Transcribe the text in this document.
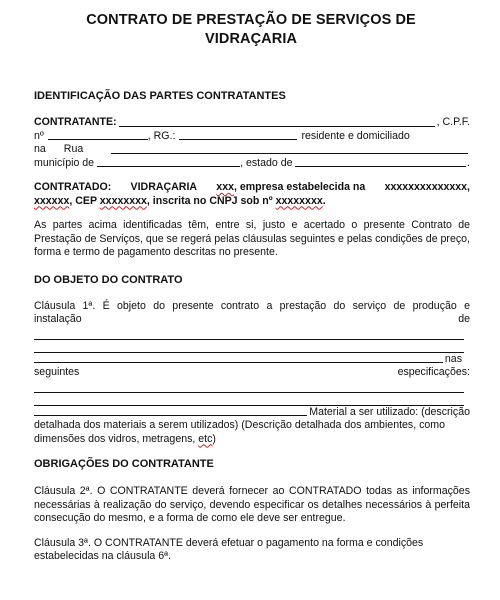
CONTRATO DE PRESTAÇÃO DE SERVIÇOS DE
VIDRAÇARIA
IDENTIFICAÇÃO DAS PARTES CONTRATANTES
CONTRATANTE:	, C.P.F.
nº	, RG.:	residente e domiciliado
na Rua
município de	, estado de	.
CONTRATADO: VIDRAÇARIA xxx, empresa estabelecida na xxxxxxxxxxxxxx,
xxxxxx, CEP xxxxxxxx, inscrita no CNPJ sob nº xxxxxxxx.
As partes acima identificadas têm, entre si, justo e acertado o presente Contrato de Prestação de Serviços, que se regerá pelas cláusulas seguintes e pelas condições de preço, forma e termo de pagamento descritas no presente.
DO OBJETO DO CONTRATO
Cláusula 1ª. É objeto do presente contrato a prestação do serviço de produção e
instalação	de
nas
seguintes	especificações:
Material a ser utilizado: (descrição
detalhada dos materiais a serem utilizados) (Descrição detalhada dos ambientes, como dimensões dos vidros, metragens, etc)
OBRIGAÇÕES DO CONTRATANTE
Cláusula 2ª. O CONTRATANTE deverá fornecer ao CONTRATADO todas as informações necessárias à realização do serviço, devendo especificar os detalhes necessários à perfeita consecução do mesmo, e a forma de como ele deve ser entregue.
Cláusula 3ª. O CONTRATANTE deverá efetuar o pagamento na forma e condições estabelecidas na cláusula 6ª.
